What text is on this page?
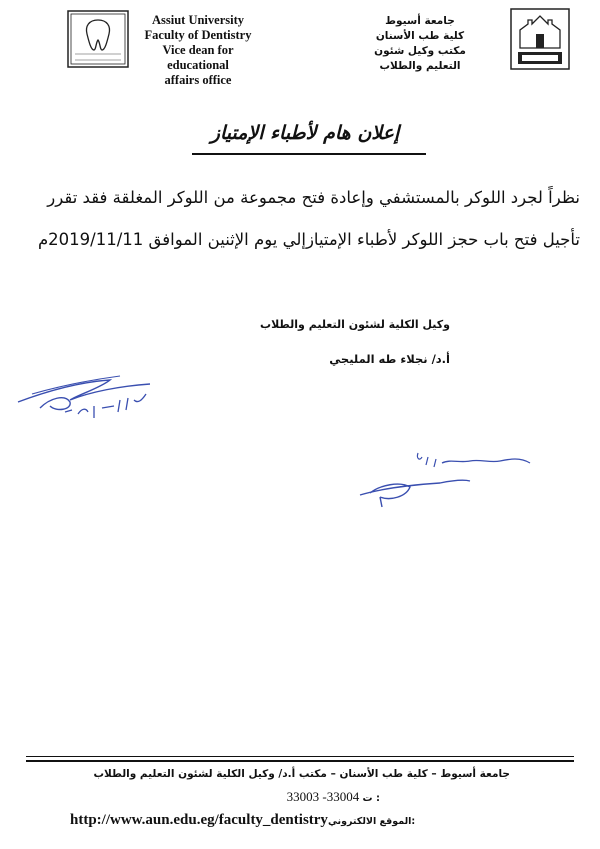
Assiut University
Faculty of Dentistry
Vice dean for educational
affairs office
جامعة أسيوط
كلية طب الأسنان
مكتب وكيل شئون
التعليم والطلاب
إعلان هام لأطباء الإمتياز
نظراً لجرد اللوكر بالمستشفي وإعادة فتح مجموعة من اللوكر المغلقة فقد تقرر
تأجيل فتح باب حجز اللوكر لأطباء الإمتيازإلي يوم الإثنين الموافق 2019/11/11م
وكيل الكلية لشئون التعليم والطلاب
أ.د/ نجلاء طه المليجي
جامعة أسيوط – كلية طب الأسنان – مكتب أ.د/ وكيل الكلية لشئون التعليم والطلاب
33003 -33004 ت :
http://www.aun.edu.eg/faculty_dentistryالموقع الالكتروني:
